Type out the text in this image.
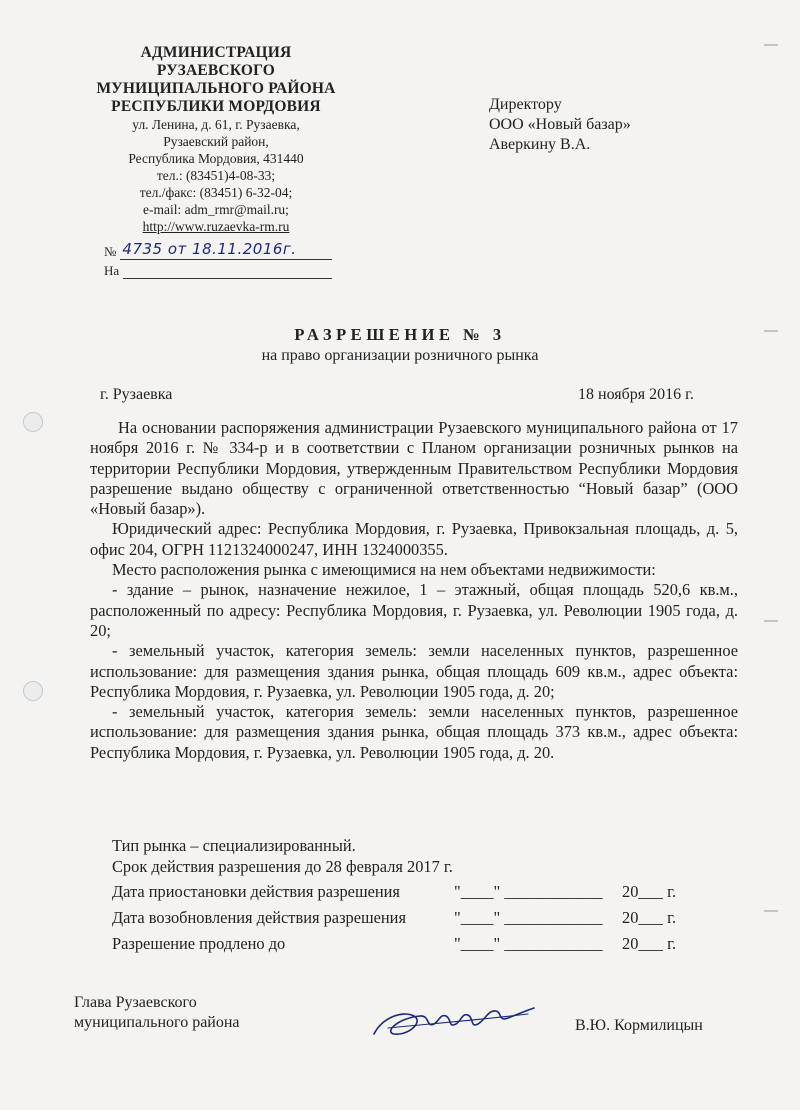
АДМИНИСТРАЦИЯ
РУЗАЕВСКОГО
МУНИЦИПАЛЬНОГО РАЙОНА
РЕСПУБЛИКИ МОРДОВИЯ
ул. Ленина, д. 61, г. Рузаевка,
Рузаевский район,
Республика Мордовия, 431440
тел.: (83451)4-08-33;
тел./факс: (83451) 6-32-04;
e-mail: adm_rmr@mail.ru;
http://www.ruzaevka-rm.ru
№ 4735 от 18.11.2016г.
На
Директору
ООО «Новый базар»
Аверкину В.А.
РАЗРЕШЕНИЕ № 3
на право организации розничного рынка
г. Рузаевка	18 ноября 2016 г.

На основании распоряжения администрации Рузаевского муниципального района от 17 ноября 2016 г. № 334-р и в соответствии с Планом организации розничных рынков на территории Республики Мордовия, утвержденным Правительством Республики Мордовия разрешение выдано обществу с ограниченной ответственностью “Новый базар” (ООО «Новый базар»).

Юридический адрес: Республика Мордовия, г. Рузаевка, Привокзальная площадь, д. 5, офис 204, ОГРН 1121324000247, ИНН 1324000355.

Место расположения рынка с имеющимися на нем объектами недвижимости:

- здание – рынок, назначение нежилое, 1 – этажный, общая площадь 520,6 кв.м., расположенный по адресу: Республика Мордовия, г. Рузаевка, ул. Революции 1905 года, д. 20;

- земельный участок, категория земель: земли населенных пунктов, разрешенное использование: для размещения здания рынка, общая площадь 609 кв.м., адрес объекта: Республика Мордовия, г. Рузаевка, ул. Революции 1905 года, д. 20;

- земельный участок, категория земель: земли населенных пунктов, разрешенное использование: для размещения здания рынка, общая площадь 373 кв.м., адрес объекта: Республика Мордовия, г. Рузаевка, ул. Революции 1905 года, д. 20.

Тип рынка – специализированный.
Срок действия разрешения до 28 февраля 2017 г.
Дата приостановки действия разрешения	"____" ____________ 20___ г.
Дата возобновления действия разрешения	"____" ____________ 20___ г.
Разрешение продлено до	"____" ____________ 20___ г.
Глава Рузаевского
муниципального района	В.Ю. Кормилицын
